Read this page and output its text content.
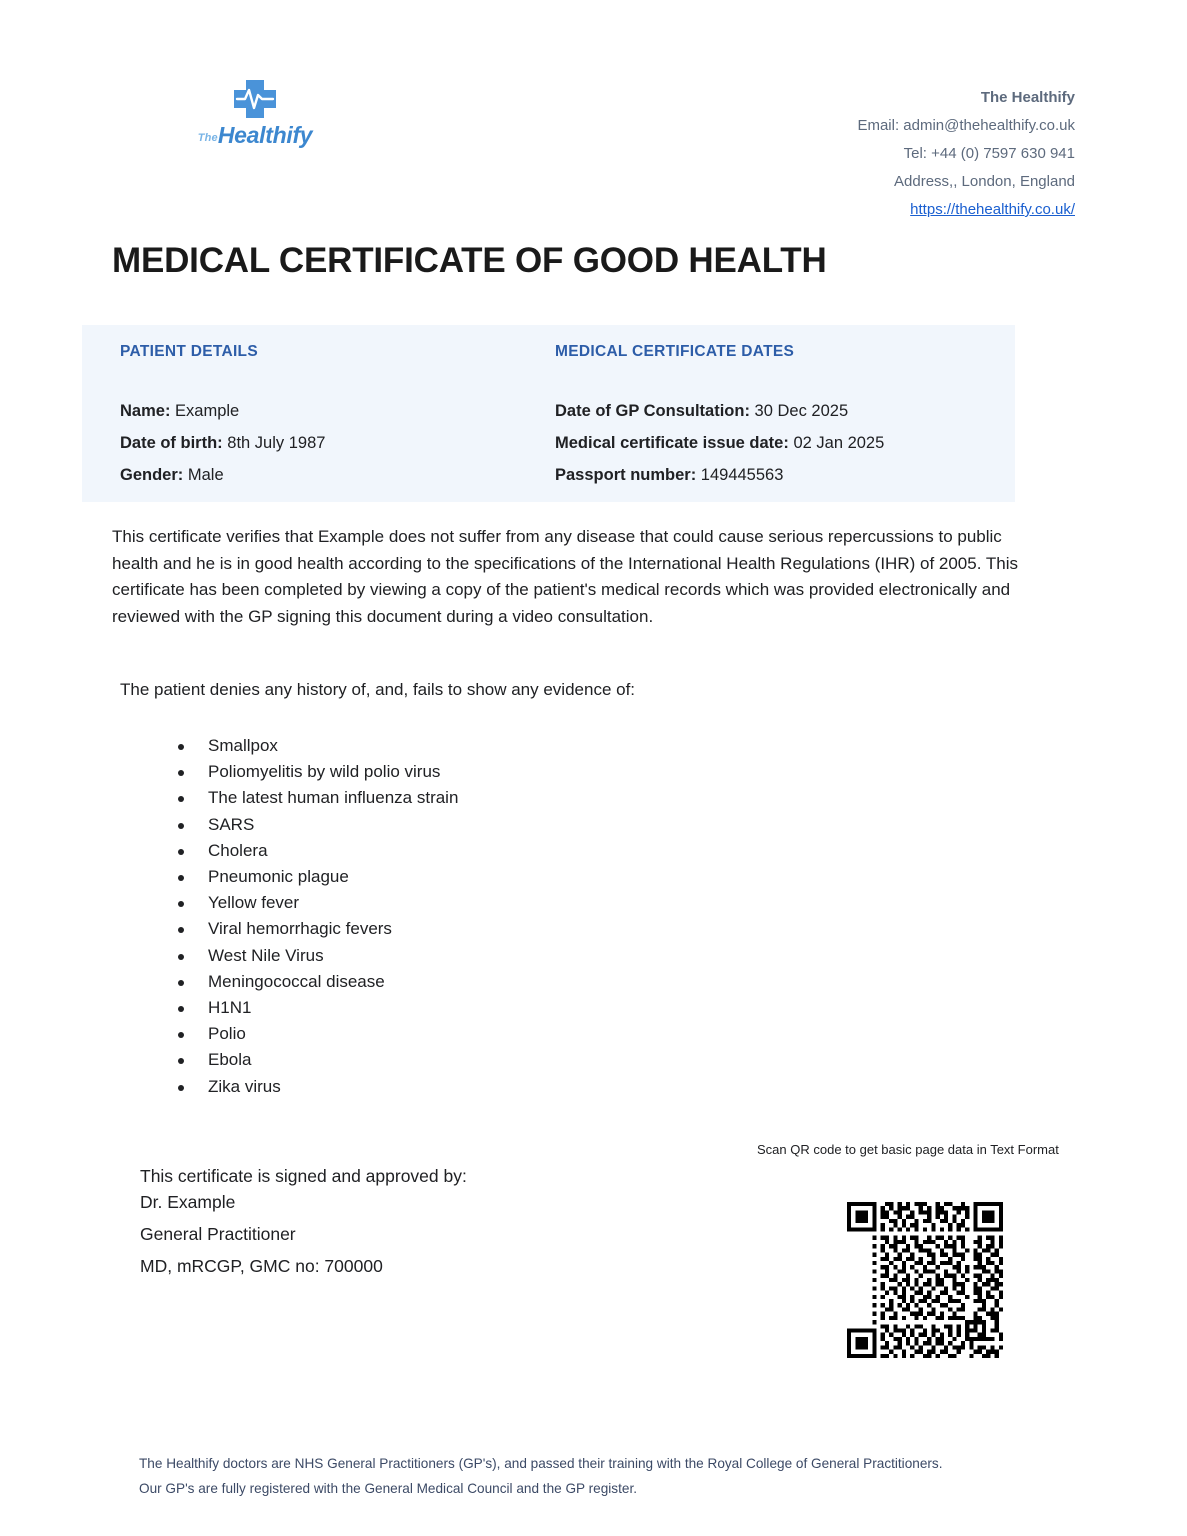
TheHealthify
The Healthify
Email: admin@thehealthify.co.uk
Tel: +44 (0) 7597 630 941
Address,, London, England
https://thehealthify.co.uk/
MEDICAL CERTIFICATE OF GOOD HEALTH
PATIENT DETAILS
Name: Example
Date of birth: 8th July 1987
Gender: Male
MEDICAL CERTIFICATE DATES
Date of GP Consultation: 30 Dec 2025
Medical certificate issue date: 02 Jan 2025
Passport number: 149445563
This certificate verifies that Example does not suffer from any disease that could cause serious repercussions to public health and he is in good health according to the specifications of the International Health Regulations (IHR) of 2005. This certificate has been completed by viewing a copy of the patient's medical records which was provided electronically and reviewed with the GP signing this document during a video consultation.
The patient denies any history of, and, fails to show any evidence of:
Smallpox
Poliomyelitis by wild polio virus
The latest human influenza strain
SARS
Cholera
Pneumonic plague
Yellow fever
Viral hemorrhagic fevers
West Nile Virus
Meningococcal disease
H1N1
Polio
Ebola
Zika virus
This certificate is signed and approved by:
Dr. Example
General Practitioner
MD, mRCGP, GMC no: 700000
Scan QR code to get basic page data in Text Format
The Healthify doctors are NHS General Practitioners (GP's), and passed their training with the Royal College of General Practitioners.
Our GP's are fully registered with the General Medical Council and the GP register.
